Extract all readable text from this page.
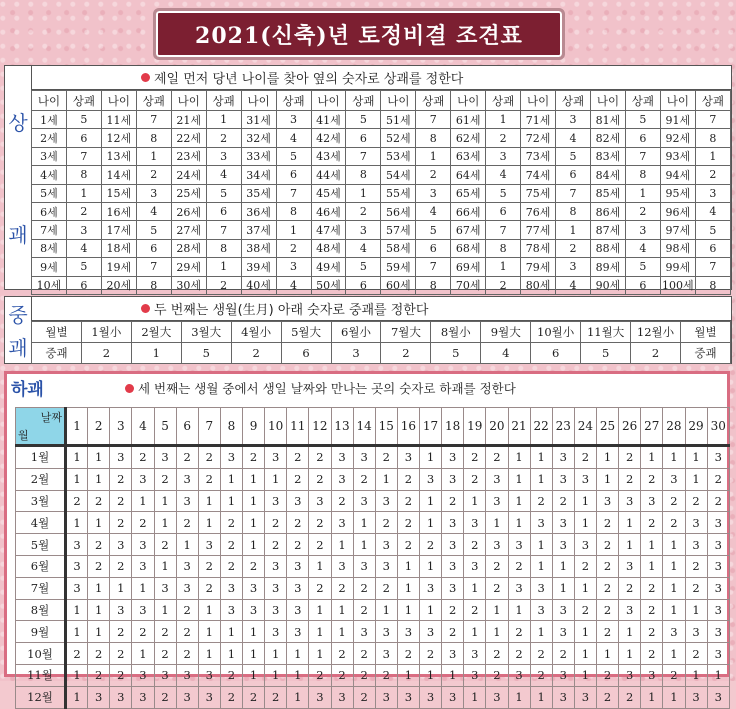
2021(신축)년 토정비결 조견표
상
괘
제일 먼저 당년 나이를 찾아 옆의 숫자로 상괘를 정한다
나이	상괘	나이	상괘	나이	상괘	나이	상괘	나이	상괘	나이	상괘	나이	상괘	나이	상괘	나이	상괘	나이	상괘
1세	5	11세	7	21세	1	31세	3	41세	5	51세	7	61세	1	71세	3	81세	5	91세	7
2세	6	12세	8	22세	2	32세	4	42세	6	52세	8	62세	2	72세	4	82세	6	92세	8
3세	7	13세	1	23세	3	33세	5	43세	7	53세	1	63세	3	73세	5	83세	7	93세	1
4세	8	14세	2	24세	4	34세	6	44세	8	54세	2	64세	4	74세	6	84세	8	94세	2
5세	1	15세	3	25세	5	35세	7	45세	1	55세	3	65세	5	75세	7	85세	1	95세	3
6세	2	16세	4	26세	6	36세	8	46세	2	56세	4	66세	6	76세	8	86세	2	96세	4
7세	3	17세	5	27세	7	37세	1	47세	3	57세	5	67세	7	77세	1	87세	3	97세	5
8세	4	18세	6	28세	8	38세	2	48세	4	58세	6	68세	8	78세	2	88세	4	98세	6
9세	5	19세	7	29세	1	39세	3	49세	5	59세	7	69세	1	79세	3	89세	5	99세	7
10세	6	20세	8	30세	2	40세	4	50세	6	60세	8	70세	2	80세	4	90세	6	100세	8
중
괘
두 번째는 생월(生月) 아래 숫자로 중괘를 정한다
월별	1월小	2월大	3월大	4월小	5월大	6월小	7월大	8월小	9월大	10월小	11월大	12월小	월별
중괘	2	1	5	2	6	3	2	5	4	6	5	2	중괘
하괘	세 번째는 생월 중에서 생일 날짜와 만나는 곳의 숫자로 하괘를 정한다
날짜
월	1	2	3	4	5	6	7	8	9	10	11	12	13	14	15	16	17	18	19	20	21	22	23	24	25	26	27	28	29	30
1월	1	1	3	2	3	2	2	3	2	3	2	2	3	3	2	3	1	3	2	2	1	1	3	2	1	2	1	1	1	3
2월	1	1	2	3	2	3	2	1	1	1	2	2	3	2	1	2	3	3	2	3	1	1	3	3	1	2	2	3	1	2
3월	2	2	2	1	1	3	1	1	1	3	3	3	2	3	3	2	1	2	1	3	1	2	2	1	3	3	3	2	2	2
4월	1	1	2	2	1	2	1	2	1	2	2	2	3	1	2	2	1	3	3	1	1	3	3	1	2	1	2	2	3	3
5월	3	2	3	3	2	1	3	2	1	2	2	2	1	1	3	2	2	3	2	3	3	1	3	3	2	1	1	1	3	3
6월	3	2	2	3	1	3	2	2	2	3	3	1	3	3	3	1	1	3	3	2	2	1	1	2	2	3	1	1	2	3
7월	3	1	1	1	3	3	2	3	3	3	3	2	2	2	2	1	3	3	1	2	3	3	1	1	2	2	2	1	2	3
8월	1	1	3	3	1	2	1	3	3	3	3	1	1	2	1	1	1	2	2	1	1	3	3	2	2	3	2	1	1	3
9월	1	1	2	2	2	2	1	1	1	3	3	1	1	3	3	3	3	2	1	1	2	1	3	1	2	1	2	3	3	3
10월	2	2	2	1	2	2	1	1	1	1	1	1	2	2	3	2	2	3	3	2	2	2	2	1	1	1	2	1	2	3
11월	1	2	2	3	3	3	3	2	1	1	1	2	2	2	2	1	1	1	3	2	3	2	3	1	2	3	3	2	1	1
12월	1	3	3	3	2	3	3	2	2	2	1	3	3	2	3	3	3	3	1	3	1	1	3	3	2	2	1	1	3	3
